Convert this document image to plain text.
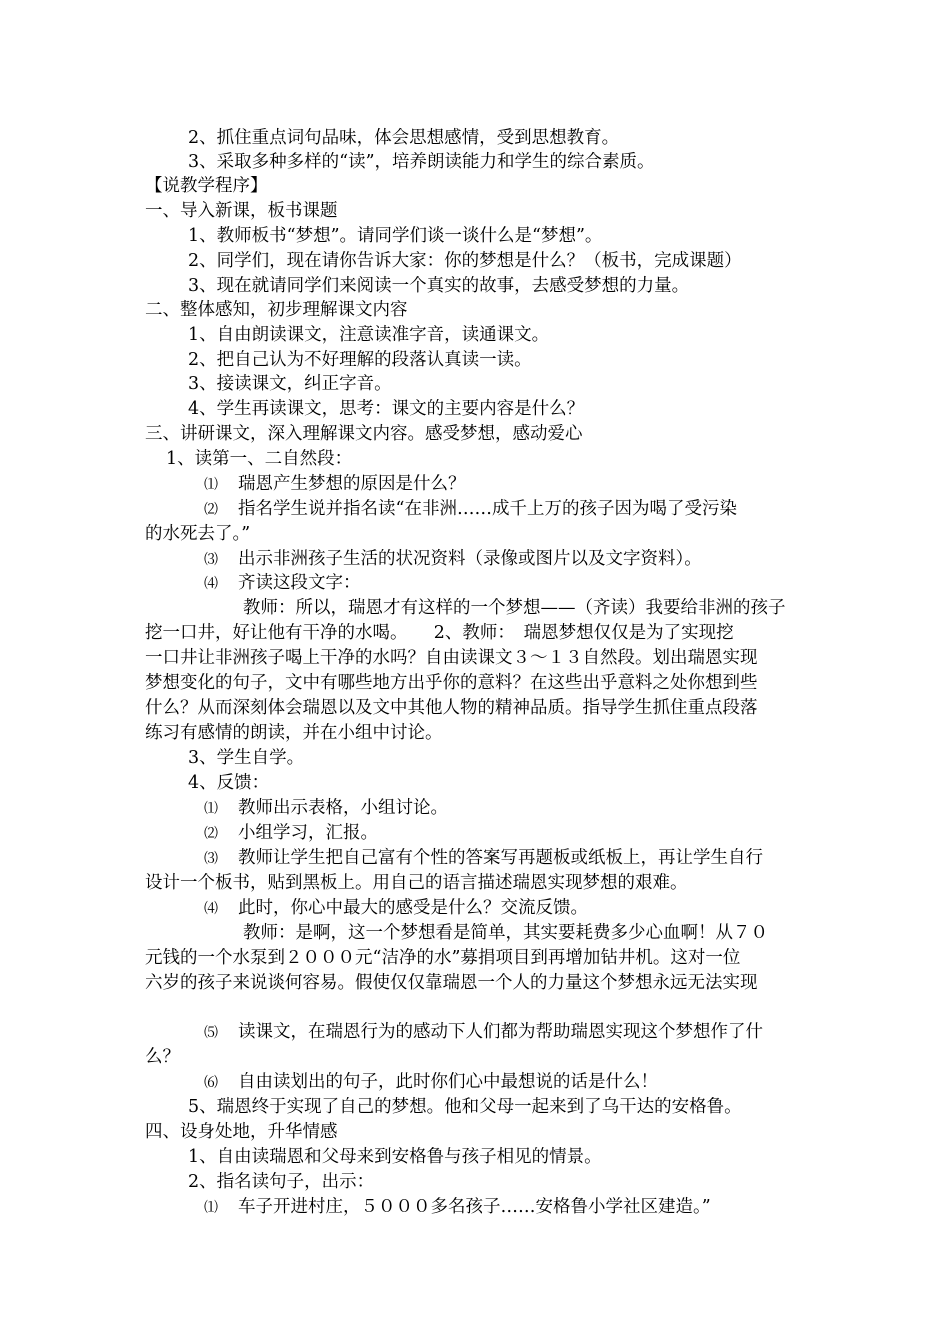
2、抓住重点词句品味，体会思想感情，受到思想教育。
3、采取多种多样的“读”，培养朗读能力和学生的综合素质。
【说教学程序】
一、导入新课，板书课题
1、教师板书“梦想”。请同学们谈一谈什么是“梦想”。
2、同学们，现在请你告诉大家：你的梦想是什么？（板书，完成课题）
3、现在就请同学们来阅读一个真实的故事，去感受梦想的力量。
二、整体感知，初步理解课文内容
1、自由朗读课文，注意读准字音，读通课文。
2、把自己认为不好理解的段落认真读一读。
3、接读课文，纠正字音。
4、学生再读课文，思考：课文的主要内容是什么？
三、讲研课文，深入理解课文内容。感受梦想，感动爱心
1、读第一、二自然段：
⑴ 瑞恩产生梦想的原因是什么？
⑵ 指名学生说并指名读“在非洲……成千上万的孩子因为喝了受污染
的水死去了。”
⑶ 出示非洲孩子生活的状况资料（录像或图片以及文字资料）。
⑷ 齐读这段文字：
教师：所以，瑞恩才有这样的一个梦想——（齐读）我要给非洲的孩子
挖一口井，好让他有干净的水喝。　　2、教师：　瑞恩梦想仅仅是为了实现挖
一口井让非洲孩子喝上干净的水吗？自由读课文３～１３自然段。划出瑞恩实现
梦想变化的句子，文中有哪些地方出乎你的意料？在这些出乎意料之处你想到些
什么？从而深刻体会瑞恩以及文中其他人物的精神品质。指导学生抓住重点段落
练习有感情的朗读，并在小组中讨论。
3、学生自学。
4、反馈：
⑴ 教师出示表格，小组讨论。
⑵ 小组学习，汇报。
⑶ 教师让学生把自己富有个性的答案写再题板或纸板上，再让学生自行
设计一个板书，贴到黑板上。用自己的语言描述瑞恩实现梦想的艰难。
⑷ 此时，你心中最大的感受是什么？交流反馈。
教师：是啊，这一个梦想看是简单，其实要耗费多少心血啊！从７０
元钱的一个水泵到２０００元“洁净的水”募捐项目到再增加钻井机。这对一位
六岁的孩子来说谈何容易。假使仅仅靠瑞恩一个人的力量这个梦想永远无法实现
⑸ 读课文，在瑞恩行为的感动下人们都为帮助瑞恩实现这个梦想作了什
么？
⑹ 自由读划出的句子，此时你们心中最想说的话是什么！
5、瑞恩终于实现了自己的梦想。他和父母一起来到了乌干达的安格鲁。
四、设身处地，升华情感
1、自由读瑞恩和父母来到安格鲁与孩子相见的情景。
2、指名读句子，出示：
⑴ 车子开进村庄，５０００多名孩子……安格鲁小学社区建造。”
